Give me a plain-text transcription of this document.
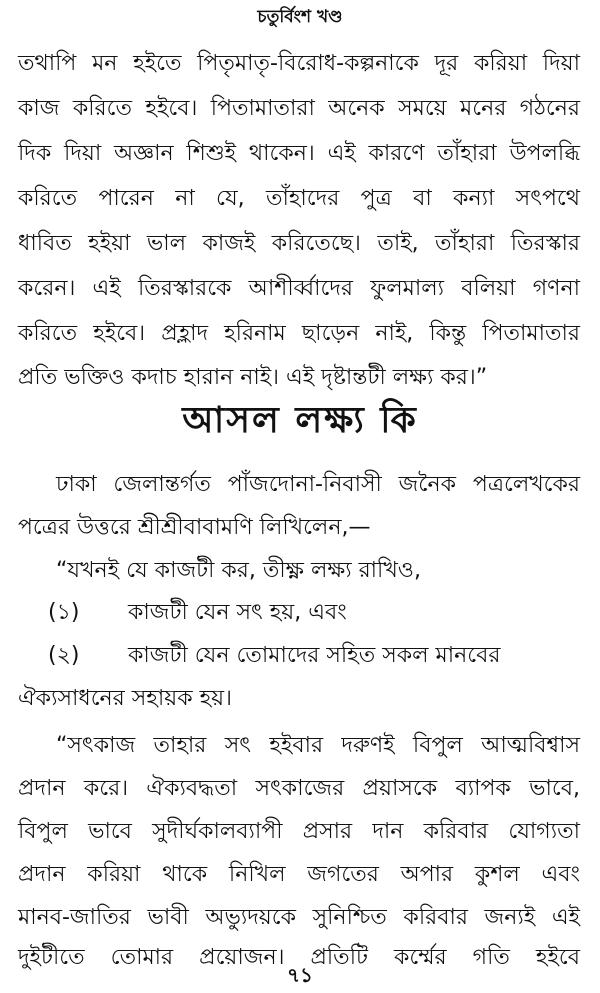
চতুর্বিংশ খণ্ড
তথাপি মন হইতে পিতৃমাতৃ-বিরোধ-কল্পনাকে দূর করিয়া দিয়া
কাজ করিতে হইবে। পিতামাতারা অনেক সময়ে মনের গঠনের
দিক দিয়া অজ্ঞান শিশুই থাকেন। এই কারণে তাঁহারা উপলব্ধি
করিতে পারেন না যে, তাঁহাদের পুত্র বা কন্যা সৎপথে
ধাবিত হইয়া ভাল কাজই করিতেছে। তাই, তাঁহারা তিরস্কার
করেন। এই তিরস্কারকে আশীর্ব্বাদের ফুলমাল্য বলিয়া গণনা
করিতে হইবে। প্রহ্লাদ হরিনাম ছাড়েন নাই, কিন্তু পিতামাতার
প্রতি ভক্তিও কদাচ হারান নাই। এই দৃষ্টান্তটী লক্ষ্য কর।”
আসল লক্ষ্য কি
ঢাকা জেলান্তর্গত পাঁজদোনা-নিবাসী জনৈক পত্রলেখকের
পত্রের উত্তরে শ্রীশ্রীবাবামণি লিখিলেন,—
“যখনই যে কাজটী কর, তীক্ষ্ণ লক্ষ্য রাখিও,
(১) কাজটী যেন সৎ হয়, এবং
(২) কাজটী যেন তোমাদের সহিত সকল মানবের
ঐক্যসাধনের সহায়ক হয়।
“সৎকাজ তাহার সৎ হইবার দরুণই বিপুল আত্মবিশ্বাস
প্রদান করে। ঐক্যবদ্ধতা সৎকাজের প্রয়াসকে ব্যাপক ভাবে,
বিপুল ভাবে সুদীর্ঘকালব্যাপী প্রসার দান করিবার যোগ্যতা
প্রদান করিয়া থাকে নিখিল জগতের অপার কুশল এবং
মানব-জাতির ভাবী অভ্যুদয়কে সুনিশ্চিত করিবার জন্যই এই
দুইটীতে তোমার প্রয়োজন। প্রতিটি কর্ম্মের গতি হইবে
৭১
